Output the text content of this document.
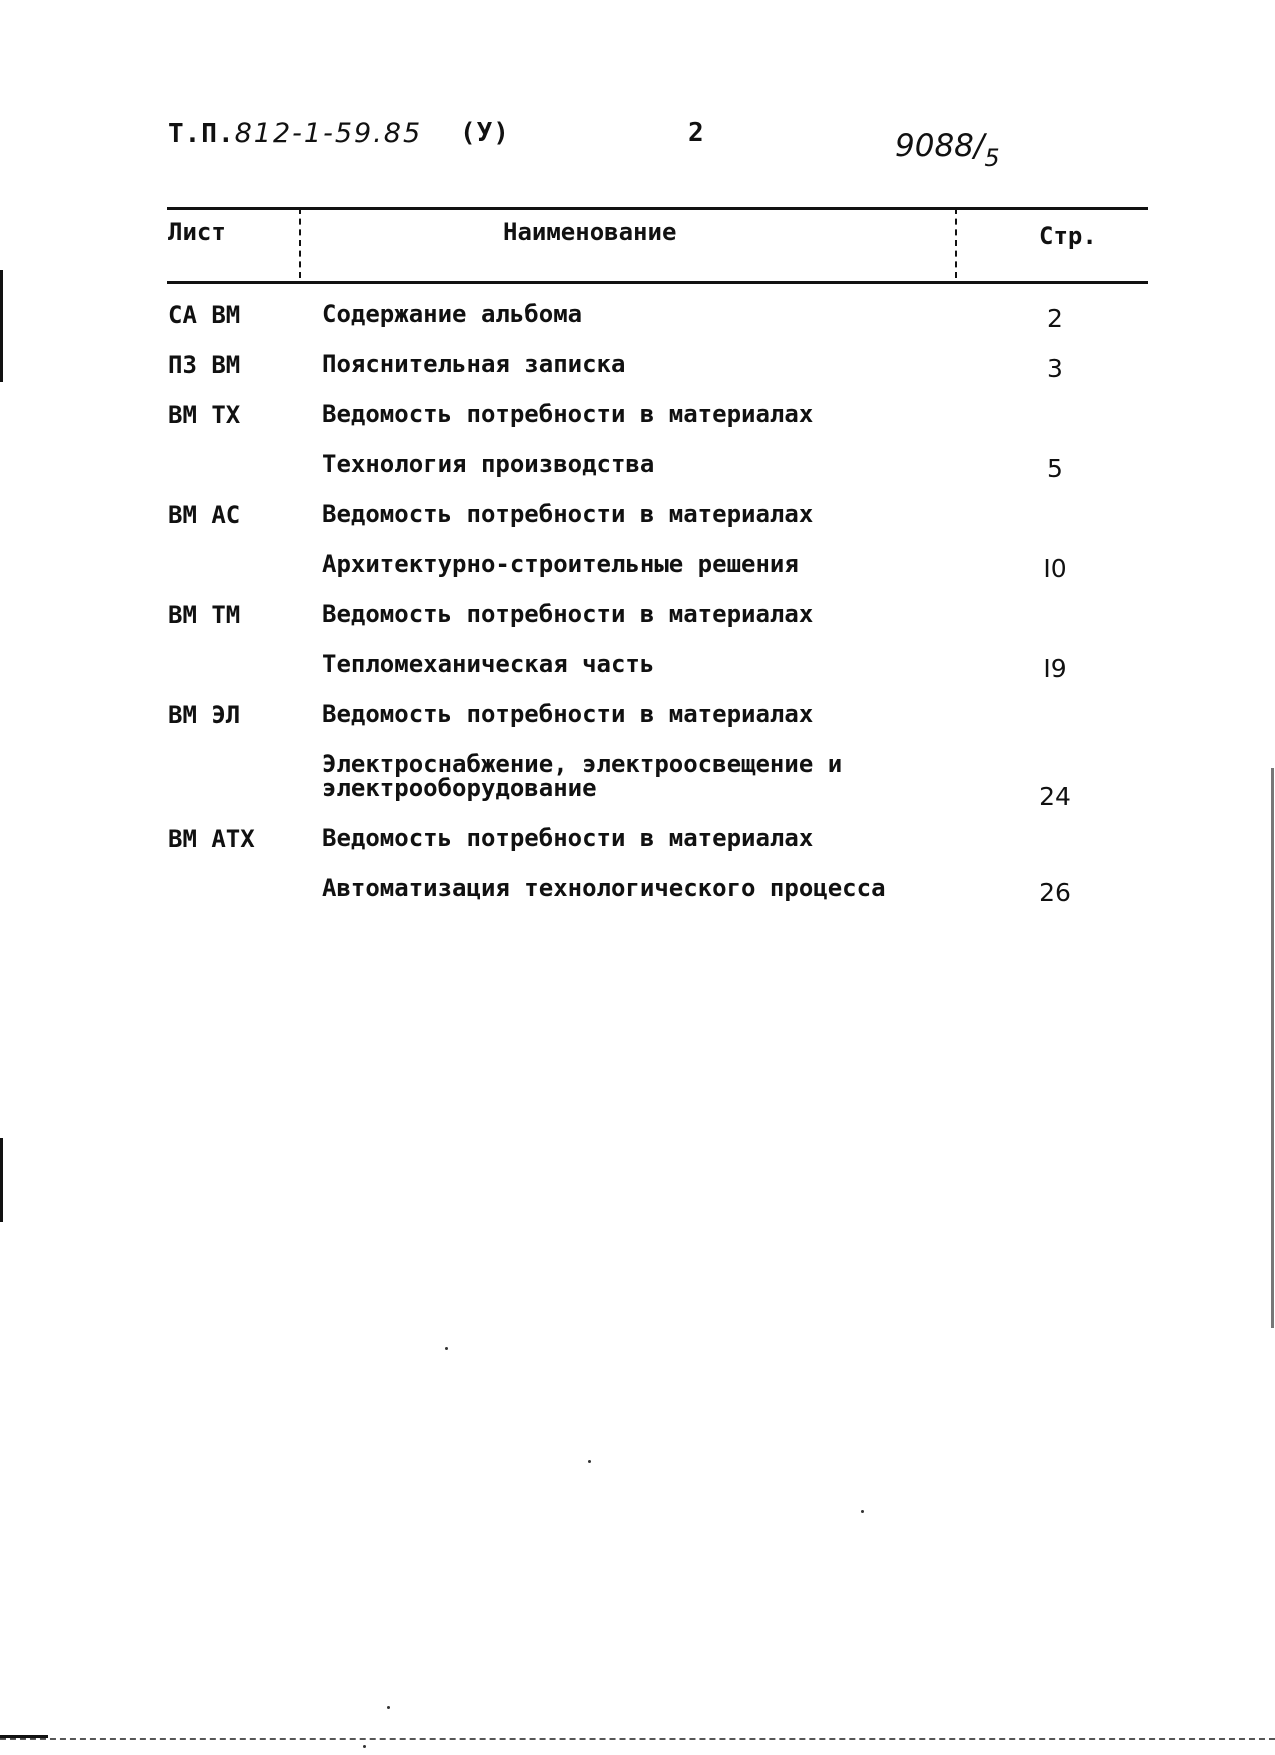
Т.П.812-1-59.85 (У)	2	$9088/_5$
Лист	Наименование	Стр.
СА ВМ	Содержание альбома	2
ПЗ ВМ	Пояснительная записка	3
ВМ ТХ	Ведомость потребности в материалах
Технология производства	5
ВМ АС	Ведомость потребности в материалах
Архитектурно-строительные решения	I0
ВМ ТМ	Ведомость потребности в материалах
Тепломеханическая часть	I9
ВМ ЭЛ	Ведомость потребности в материалах
Электроснабжение, электроосвещение и
электрооборудование	24
ВМ АТХ	Ведомость потребности в материалах
Автоматизация технологического процесса	26
